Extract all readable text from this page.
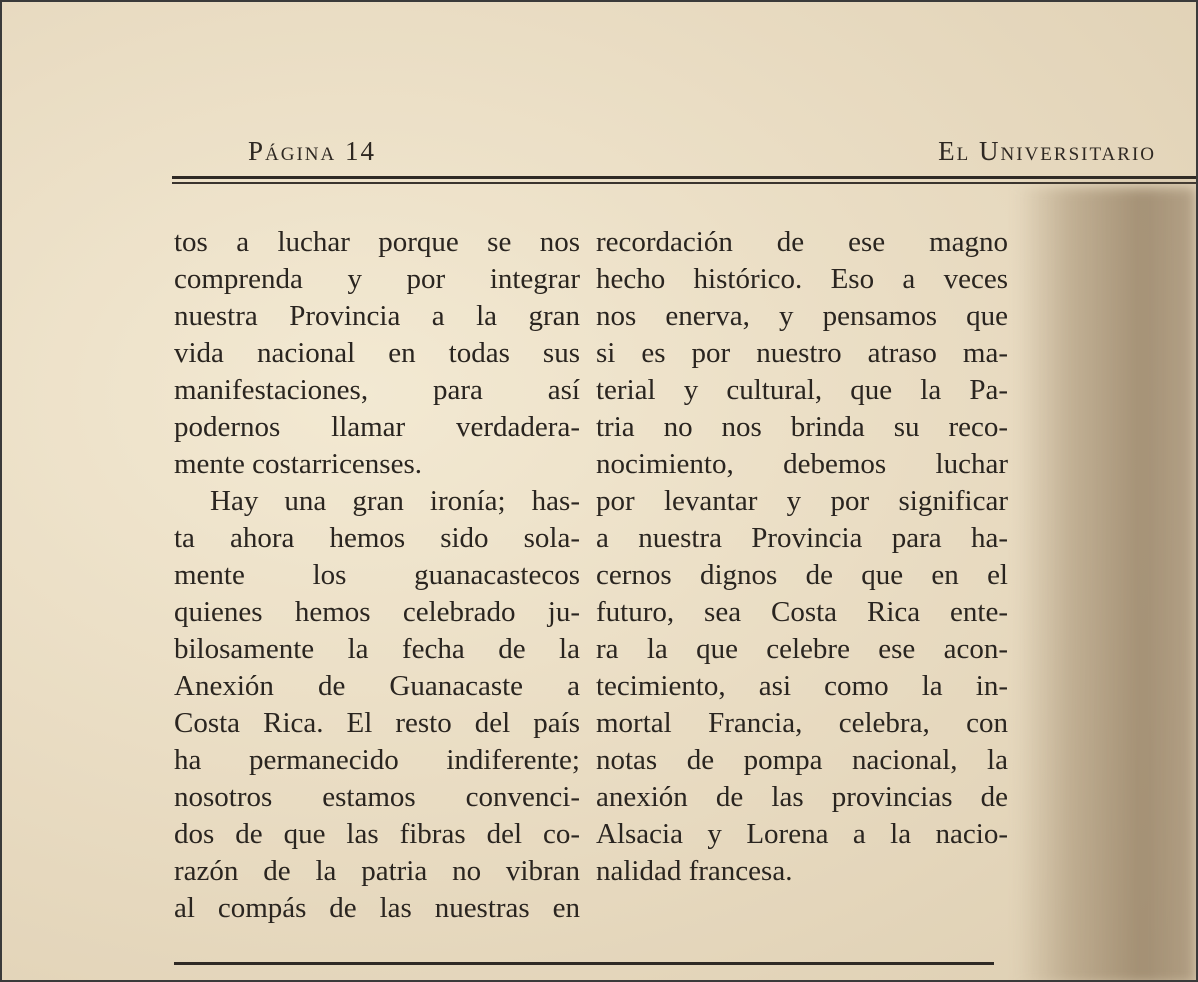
Página 14	El Universitario
tos a luchar porque se nos
comprenda y por integrar
nuestra Provincia a la gran
vida nacional en todas sus
manifestaciones, para así
podernos llamar verdadera-
mente costarricenses.
Hay una gran ironía; has-
ta ahora hemos sido sola-
mente los guanacastecos
quienes hemos celebrado ju-
bilosamente la fecha de la
Anexión de Guanacaste a
Costa Rica. El resto del país
ha permanecido indiferente;
nosotros estamos convenci-
dos de que las fibras del co-
razón de la patria no vibran
al compás de las nuestras en
recordación de ese magno
hecho histórico. Eso a veces
nos enerva, y pensamos que
si es por nuestro atraso ma-
terial y cultural, que la Pa-
tria no nos brinda su reco-
nocimiento, debemos luchar
por levantar y por significar
a nuestra Provincia para ha-
cernos dignos de que en el
futuro, sea Costa Rica ente-
ra la que celebre ese acon-
tecimiento, asi como la in-
mortal Francia, celebra, con
notas de pompa nacional, la
anexión de las provincias de
Alsacia y Lorena a la nacio-
nalidad francesa.
